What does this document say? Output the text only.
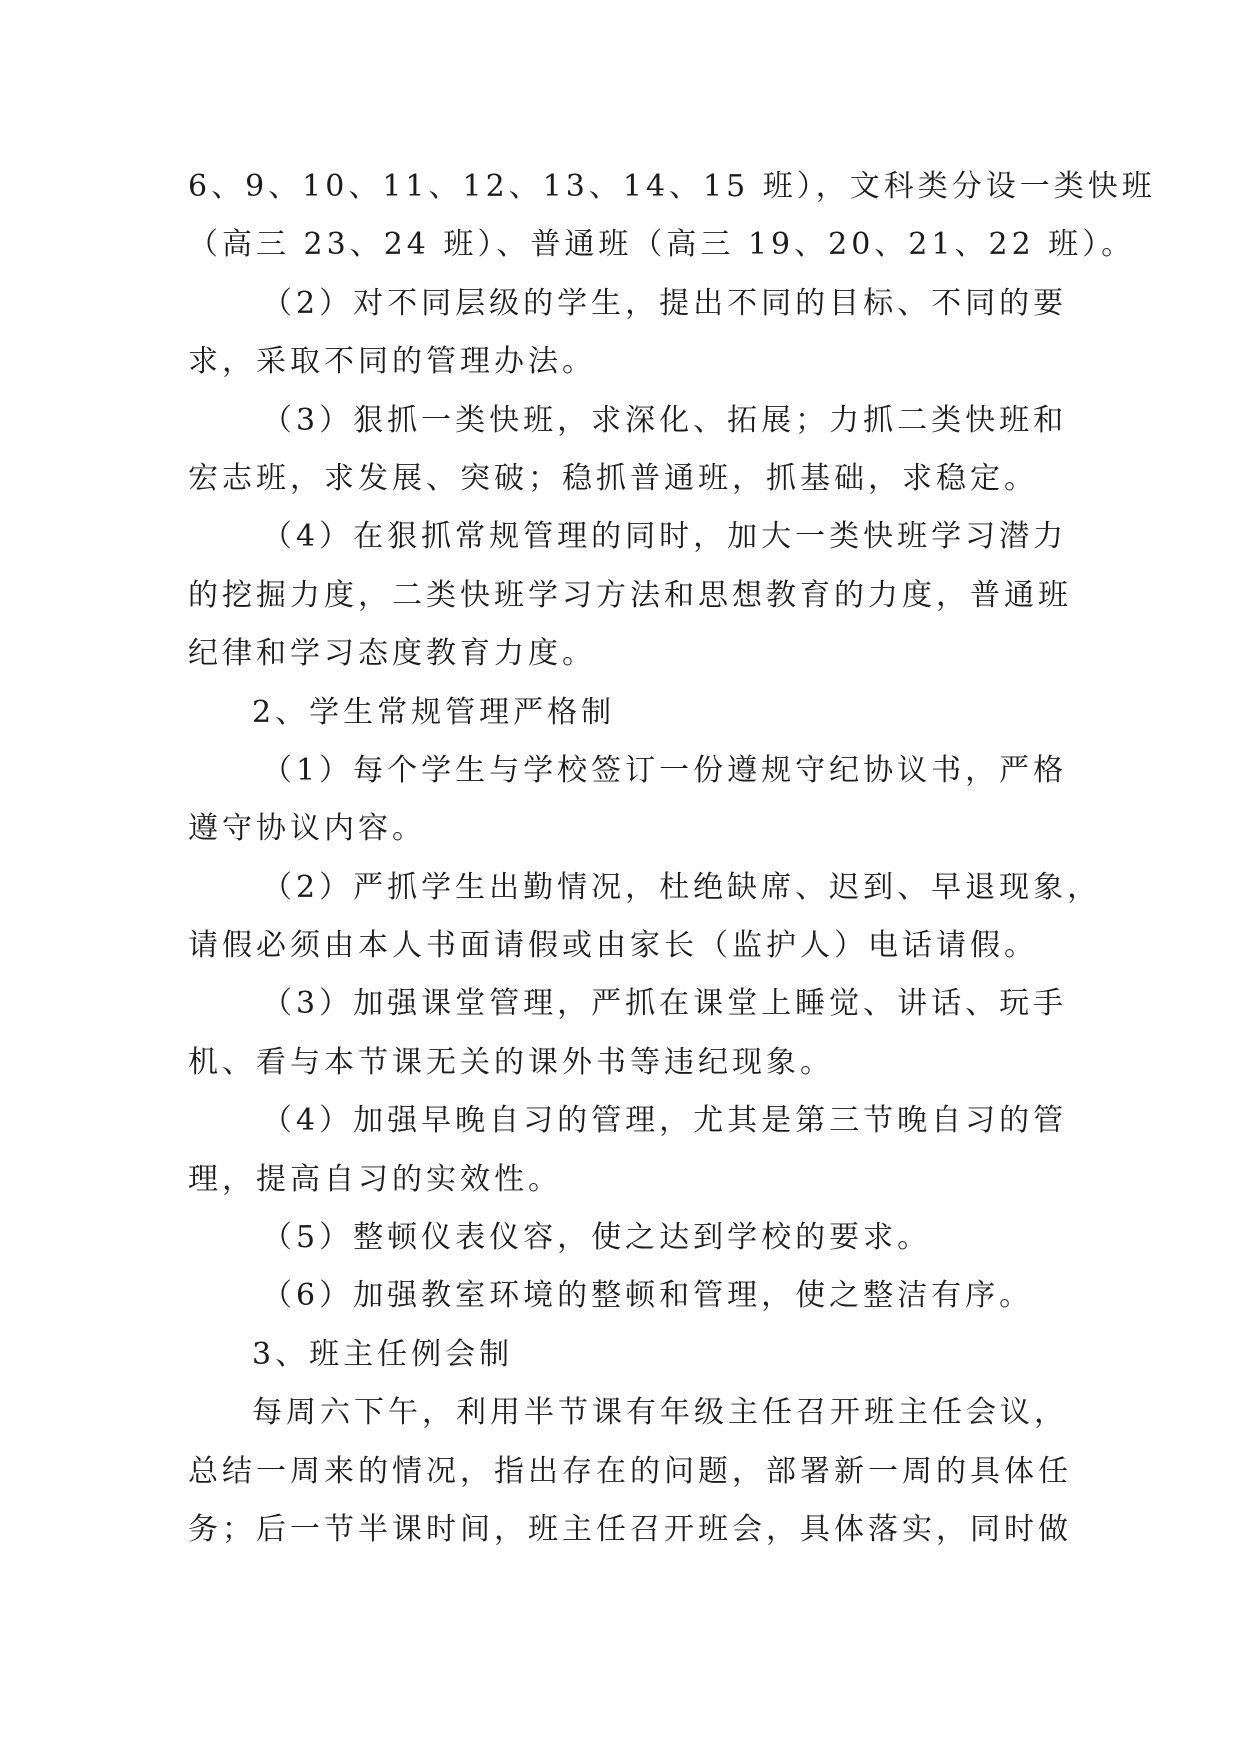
6、9、10、11、12、13、14、15 班），文科类分设一类快班
（高三 23、24 班）、普通班（高三 19、20、21、22 班）。
（2）对不同层级的学生，提出不同的目标、不同的要
求，采取不同的管理办法。
（3）狠抓一类快班，求深化、拓展；力抓二类快班和
宏志班，求发展、突破；稳抓普通班，抓基础，求稳定。
（4）在狠抓常规管理的同时，加大一类快班学习潜力
的挖掘力度，二类快班学习方法和思想教育的力度，普通班
纪律和学习态度教育力度。
2、学生常规管理严格制
（1）每个学生与学校签订一份遵规守纪协议书，严格
遵守协议内容。
（2）严抓学生出勤情况，杜绝缺席、迟到、早退现象，
请假必须由本人书面请假或由家长（监护人）电话请假。
（3）加强课堂管理，严抓在课堂上睡觉、讲话、玩手
机、看与本节课无关的课外书等违纪现象。
（4）加强早晚自习的管理，尤其是第三节晚自习的管
理，提高自习的实效性。
（5）整顿仪表仪容，使之达到学校的要求。
（6）加强教室环境的整顿和管理，使之整洁有序。
3、班主任例会制
每周六下午，利用半节课有年级主任召开班主任会议，
总结一周来的情况，指出存在的问题，部署新一周的具体任
务；后一节半课时间，班主任召开班会，具体落实，同时做
